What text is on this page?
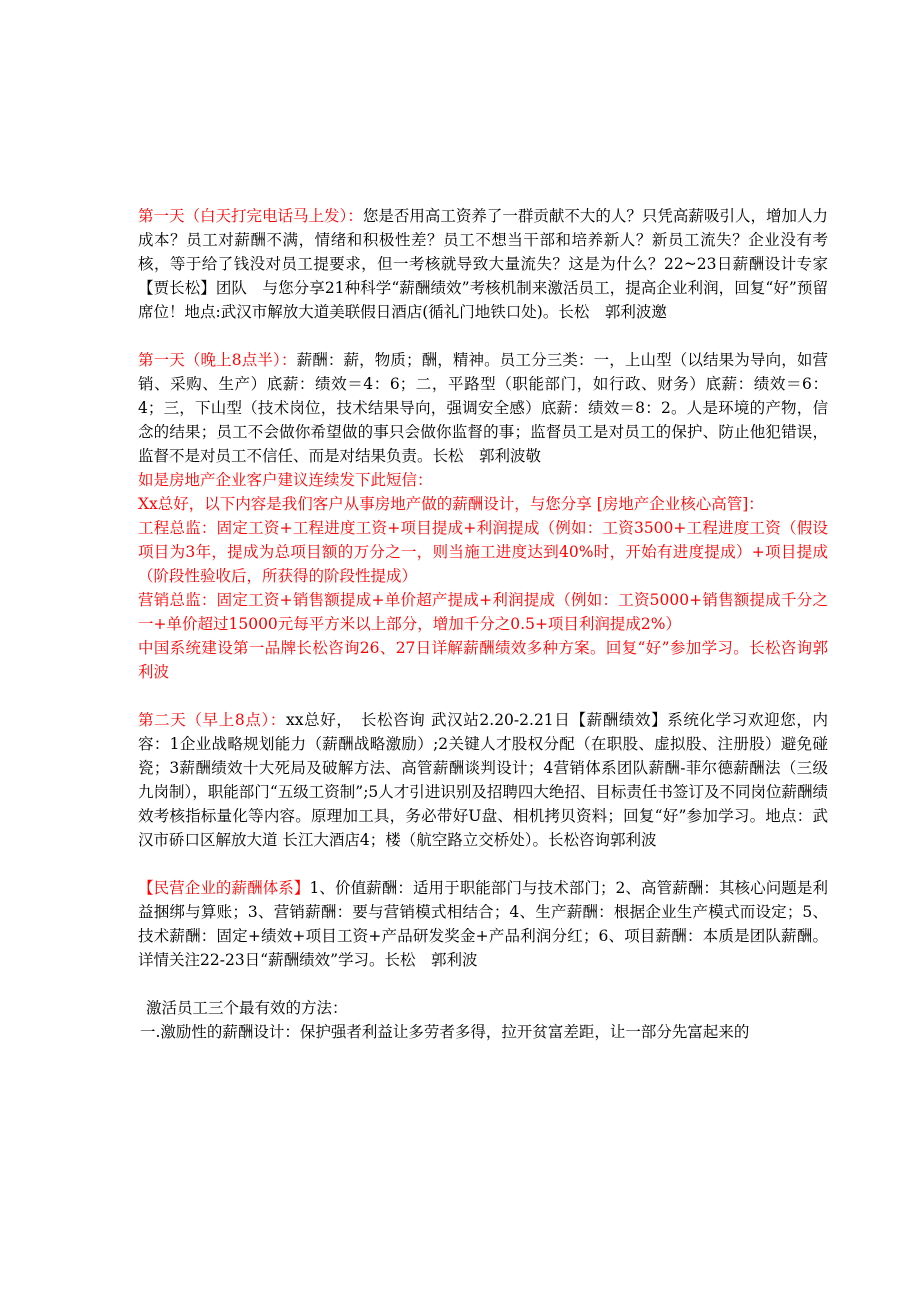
第一天（白天打完电话马上发）：您是否用高工资养了一群贡献不大的人？只凭高薪吸引人，增加人力成本？员工对薪酬不满，情绪和积极性差？员工不想当干部和培养新人？新员工流失？企业没有考核，等于给了钱没对员工提要求，但一考核就导致大量流失？这是为什么？22~23日薪酬设计专家【贾长松】团队　与您分享21种科学“薪酬绩效”考核机制来激活员工，提高企业利润，回复“好”预留席位！地点:武汉市解放大道美联假日酒店(循礼门地铁口处)。长松　郭利波邀

第一天（晚上8点半）：薪酬：薪，物质；酬，精神。员工分三类：一，上山型（以结果为导向，如营销、采购、生产）底薪：绩效＝4：6；二，平路型（职能部门，如行政、财务）底薪：绩效＝6：4；三，下山型（技术岗位，技术结果导向，强调安全感）底薪：绩效＝8：2。人是环境的产物，信念的结果；员工不会做你希望做的事只会做你监督的事；监督员工是对员工的保护、防止他犯错误，监督不是对员工不信任、而是对结果负责。长松　郭利波敬

如是房地产企业客户建议连续发下此短信：

Xx总好，以下内容是我们客户从事房地产做的薪酬设计，与您分享 [房地产企业核心高管]：

工程总监：固定工资+工程进度工资+项目提成+利润提成（例如：工资3500+工程进度工资（假设项目为3年，提成为总项目额的万分之一，则当施工进度达到40%时，开始有进度提成）+项目提成（阶段性验收后，所获得的阶段性提成）

营销总监：固定工资+销售额提成+单价超产提成+利润提成（例如：工资5000+销售额提成千分之一+单价超过15000元每平方米以上部分，增加千分之0.5+项目利润提成2%）

中国系统建设第一品牌长松咨询26、27日详解薪酬绩效多种方案。回复“好”参加学习。长松咨询郭利波

第二天（早上8点）：xx总好，　长松咨询 武汉站2.20-2.21日【薪酬绩效】系统化学习欢迎您，内容：1企业战略规划能力（薪酬战略激励）;2关键人才股权分配（在职股、虚拟股、注册股）避免碰瓷；3薪酬绩效十大死局及破解方法、高管薪酬谈判设计；4营销体系团队薪酬-菲尔德薪酬法（三级九岗制），职能部门“五级工资制”;5人才引进识别及招聘四大绝招、目标责任书签订及不同岗位薪酬绩效考核指标量化等内容。原理加工具，务必带好U盘、相机拷贝资料；回复“好”参加学习。地点：武汉市硚口区解放大道 长江大酒店4；楼（航空路立交桥处）。长松咨询郭利波

【民营企业的薪酬体系】1、价值薪酬：适用于职能部门与技术部门；2、高管薪酬：其核心问题是利益捆绑与算账；3、营销薪酬：要与营销模式相结合；4、生产薪酬：根据企业生产模式而设定；5、技术薪酬：固定+绩效+项目工资+产品研发奖金+产品利润分红；6、项目薪酬：本质是团队薪酬。详情关注22-23日“薪酬绩效”学习。长松　郭利波

激活员工三个最有效的方法：

一.激励性的薪酬设计：保护强者利益让多劳者多得，拉开贫富差距，让一部分先富起来的
